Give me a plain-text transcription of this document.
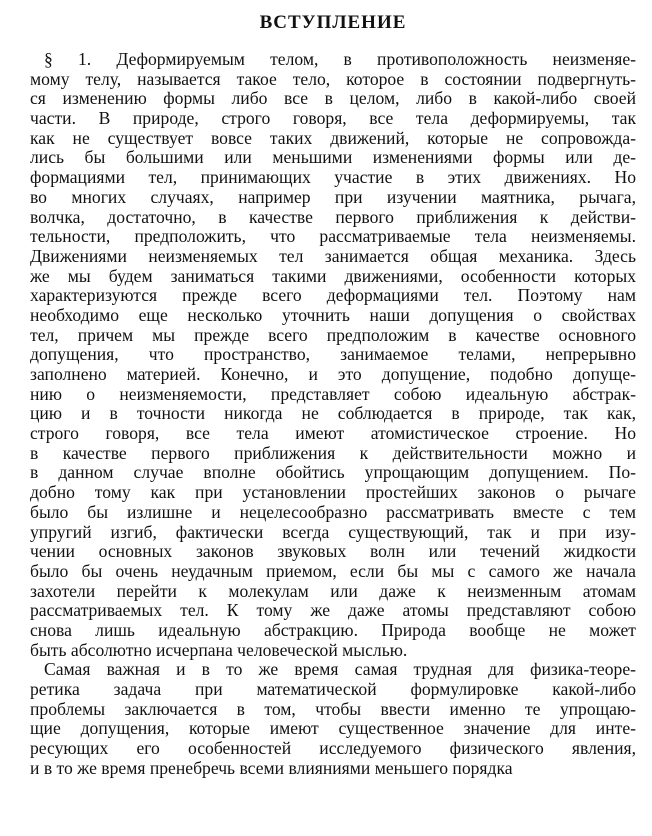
ВСТУПЛЕНИЕ
§ 1. Деформируемым телом, в противоположность неизменяе-
мому телу, называется такое тело, которое в состоянии подвергнуть-
ся изменению формы либо все в целом, либо в какой-либо своей
части. В природе, строго говоря, все тела деформируемы, так
как не существует вовсе таких движений, которые не сопровожда-
лись бы большими или меньшими изменениями формы или де-
формациями тел, принимающих участие в этих движениях. Но
во многих случаях, например при изучении маятника, рычага,
волчка, достаточно, в качестве первого приближения к действи-
тельности, предположить, что рассматриваемые тела неизменяемы.
Движениями неизменяемых тел занимается общая механика. Здесь
же мы будем заниматься такими движениями, особенности которых
характеризуются прежде всего деформациями тел. Поэтому нам
необходимо еще несколько уточнить наши допущения о свойствах
тел, причем мы прежде всего предположим в качестве основного
допущения, что пространство, занимаемое телами, непрерывно
заполнено материей. Конечно, и это допущение, подобно допуще-
нию о неизменяемости, представляет собою идеальную абстрак-
цию и в точности никогда не соблюдается в природе, так как,
строго говоря, все тела имеют атомистическое строение. Но
в качестве первого приближения к действительности можно и
в данном случае вполне обойтись упрощающим допущением. По-
добно тому как при установлении простейших законов о рычаге
было бы излишне и нецелесообразно рассматривать вместе с тем
упругий изгиб, фактически всегда существующий, так и при изу-
чении основных законов звуковых волн или течений жидкости
было бы очень неудачным приемом, если бы мы с самого же начала
захотели перейти к молекулам или даже к неизменным атомам
рассматриваемых тел. К тому же даже атомы представляют собою
снова лишь идеальную абстракцию. Природа вообще не может
быть абсолютно исчерпана человеческой мыслью.
Самая важная и в то же время самая трудная для физика-теоре-
ретика задача при математической формулировке какой-либо
проблемы заключается в том, чтобы ввести именно те упрощаю-
щие допущения, которые имеют существенное значение для инте-
ресующих его особенностей исследуемого физического явления,
и в то же время пренебречь всеми влияниями меньшего порядка
